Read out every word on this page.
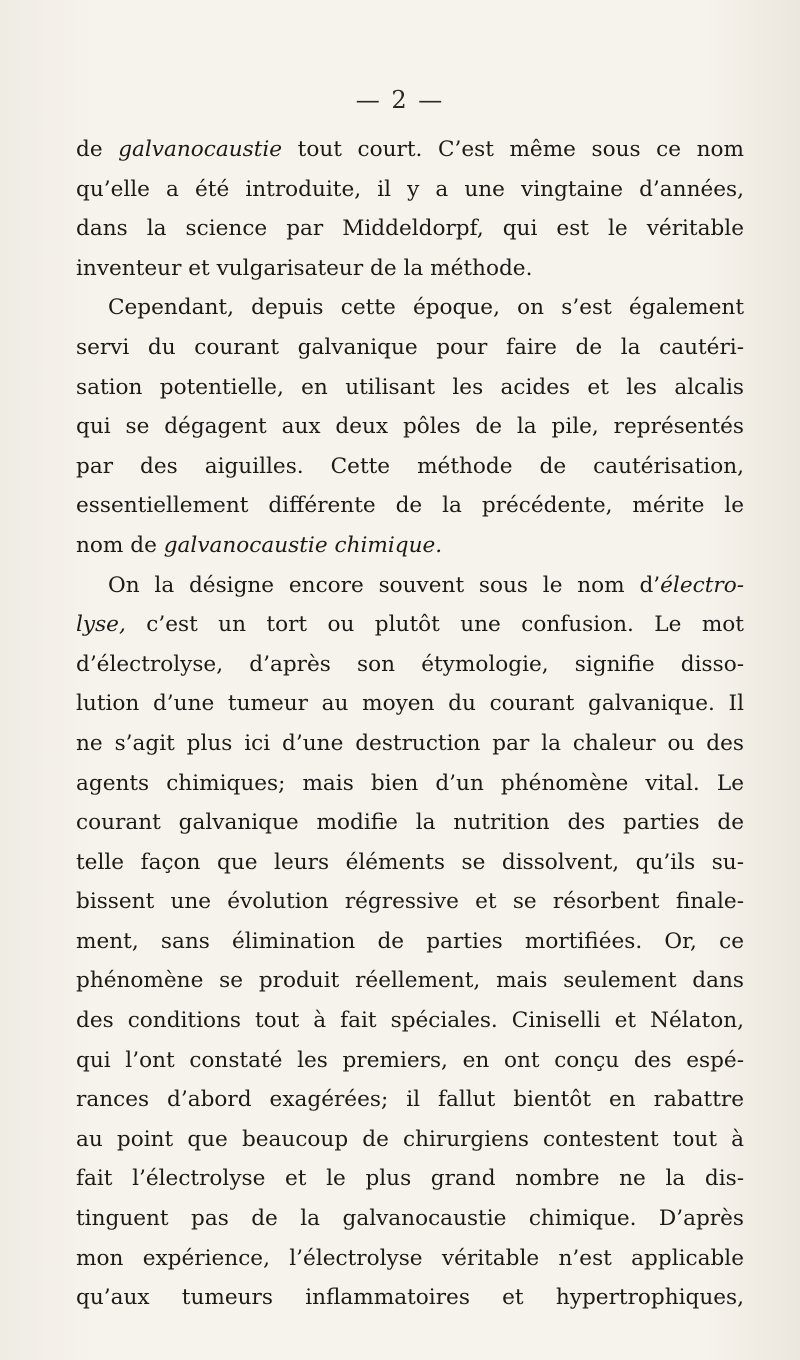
— 2 —
de galvanocaustie tout court. C’est même sous ce nom
qu’elle a été introduite, il y a une vingtaine d’années,
dans la science par Middeldorpf, qui est le véritable
inventeur et vulgarisateur de la méthode.
Cependant, depuis cette époque, on s’est également
servi du courant galvanique pour faire de la cautéri-
sation potentielle, en utilisant les acides et les alcalis
qui se dégagent aux deux pôles de la pile, représentés
par des aiguilles. Cette méthode de cautérisation,
essentiellement différente de la précédente, mérite le
nom de galvanocaustie chimique.
On la désigne encore souvent sous le nom d’électro-
lyse, c’est un tort ou plutôt une confusion. Le mot
d’électrolyse, d’après son étymologie, signifie disso-
lution d’une tumeur au moyen du courant galvanique. Il
ne s’agit plus ici d’une destruction par la chaleur ou des
agents chimiques; mais bien d’un phénomène vital. Le
courant galvanique modifie la nutrition des parties de
telle façon que leurs éléments se dissolvent, qu’ils su-
bissent une évolution régressive et se résorbent finale-
ment, sans élimination de parties mortifiées. Or, ce
phénomène se produit réellement, mais seulement dans
des conditions tout à fait spéciales. Ciniselli et Nélaton,
qui l’ont constaté les premiers, en ont conçu des espé-
rances d’abord exagérées; il fallut bientôt en rabattre
au point que beaucoup de chirurgiens contestent tout à
fait l’électrolyse et le plus grand nombre ne la dis-
tinguent pas de la galvanocaustie chimique. D’après
mon expérience, l’électrolyse véritable n’est applicable
qu’aux tumeurs inflammatoires et hypertrophiques,
